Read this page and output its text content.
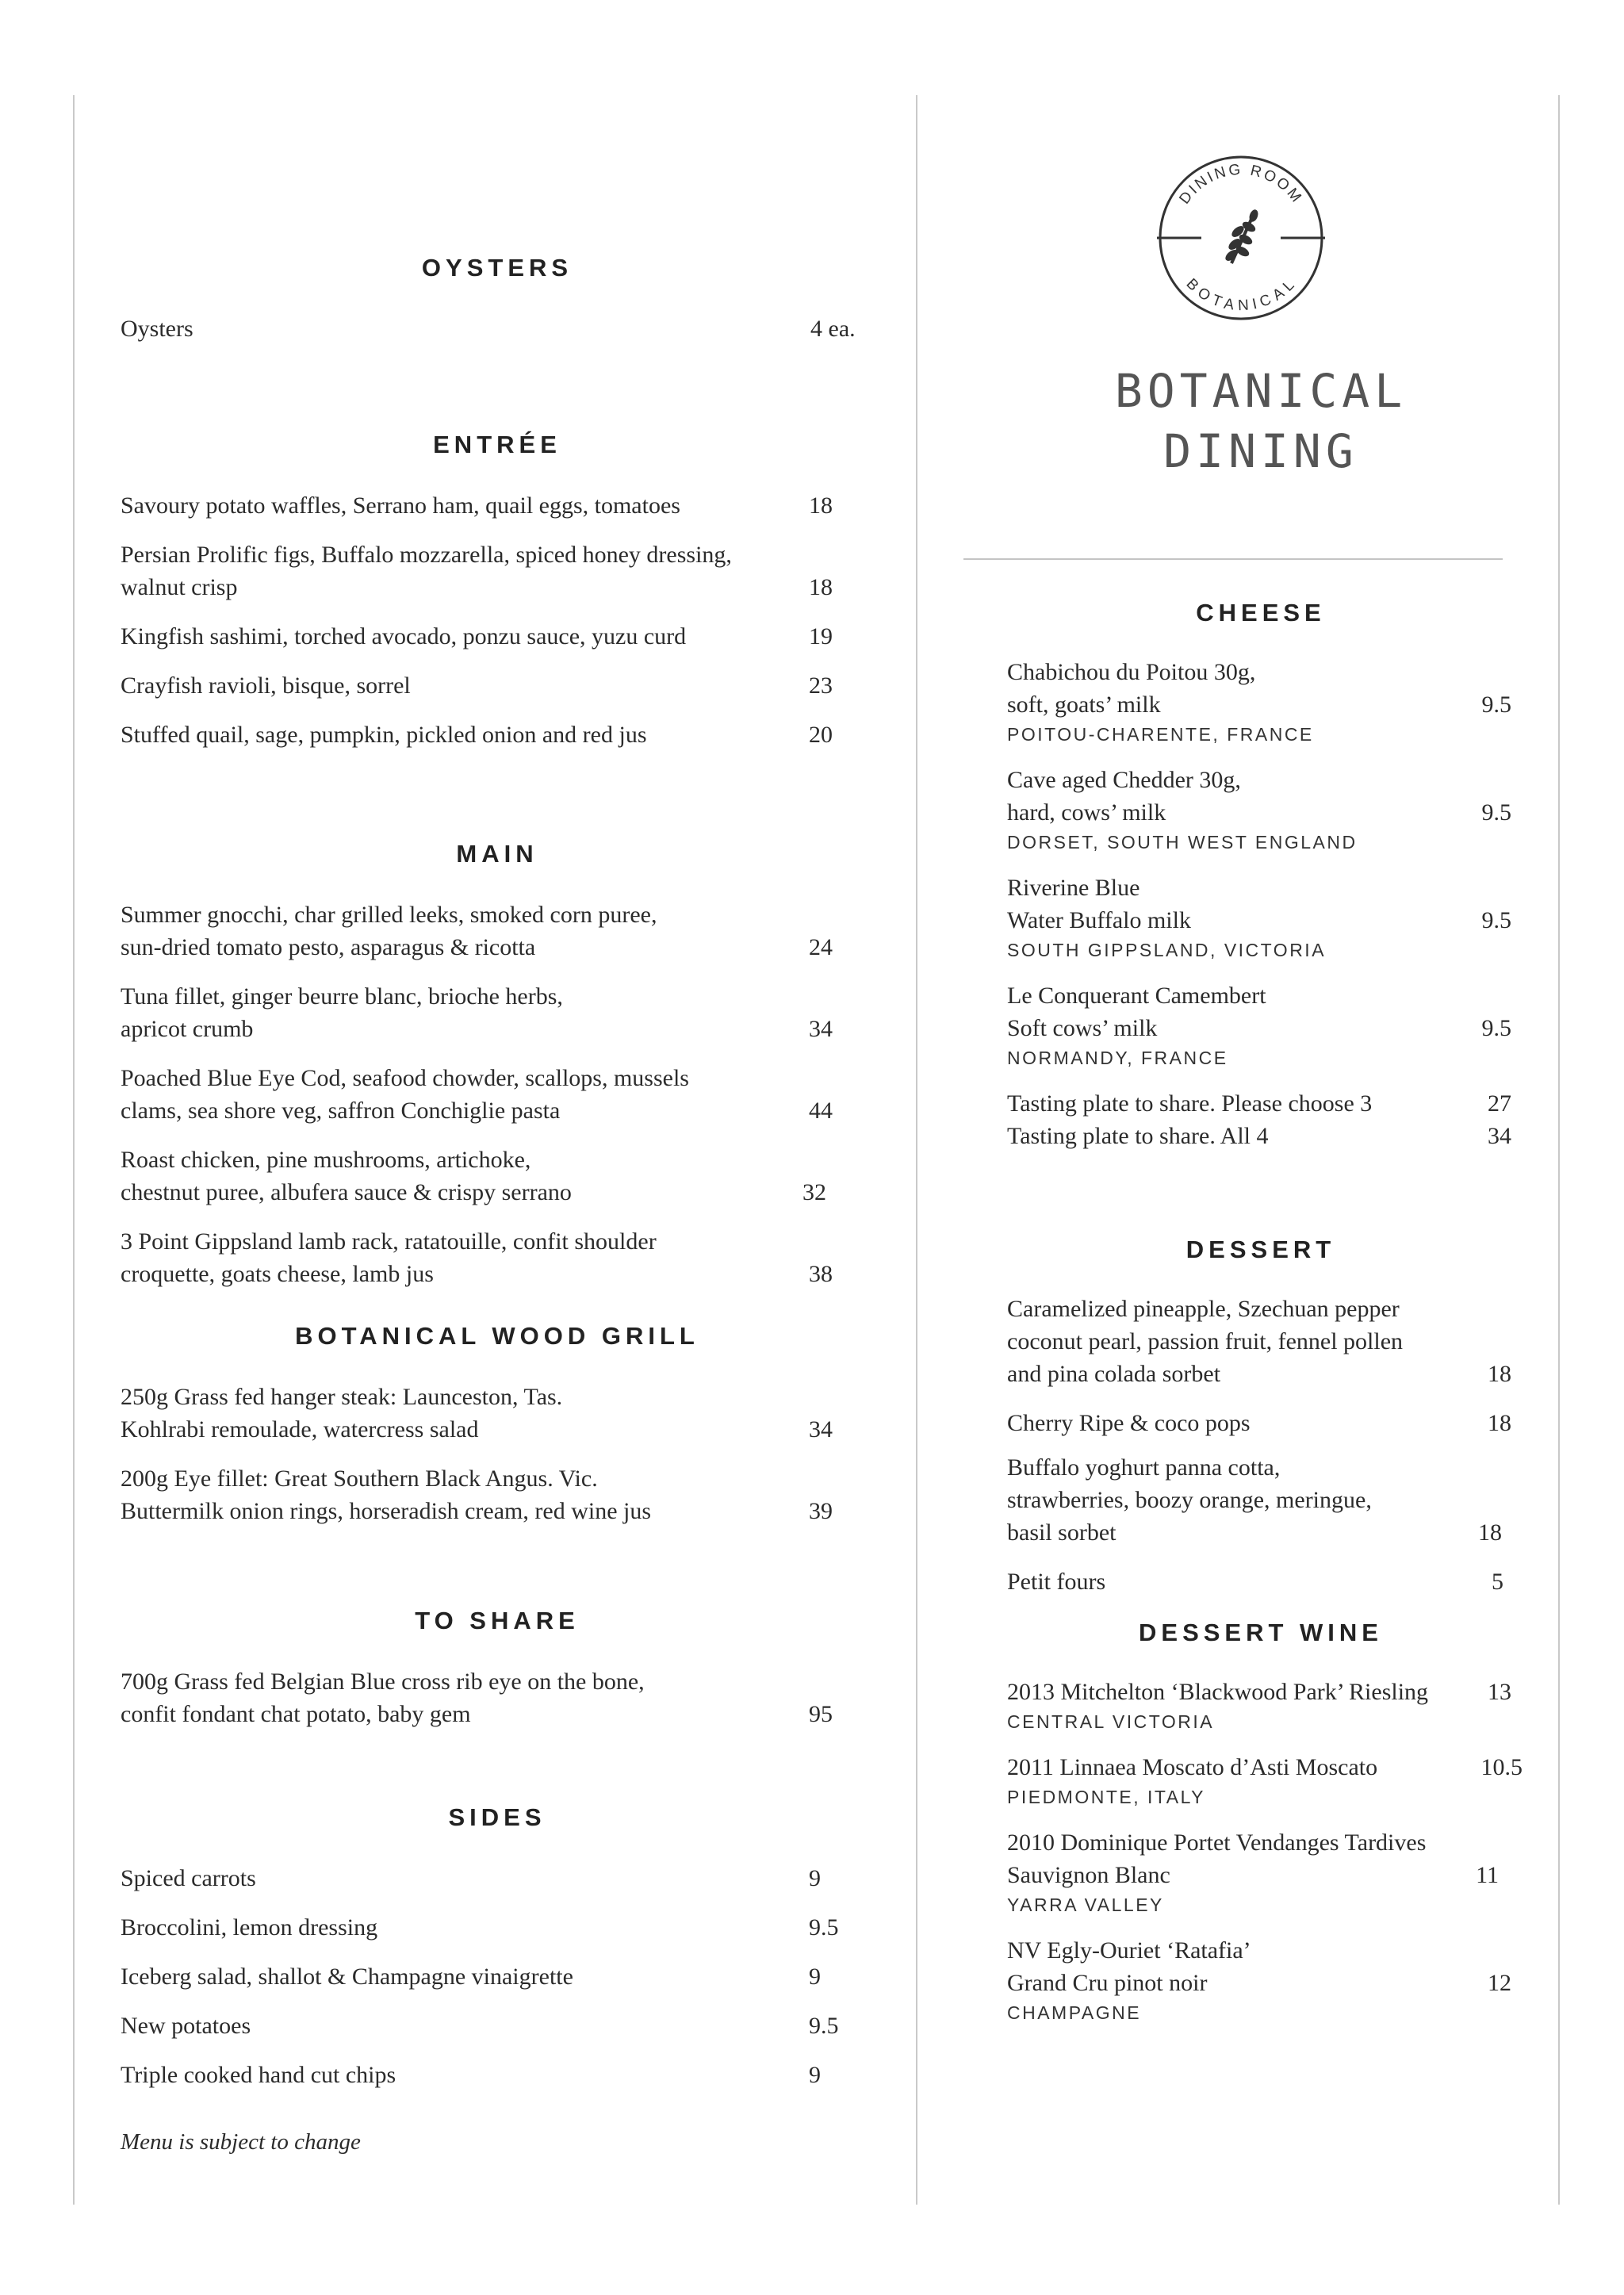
OYSTERS
Oysters	4 ea.
ENTRÉE
Savoury potato waffles, Serrano ham, quail eggs, tomatoes	18
Persian Prolific figs, Buffalo mozzarella, spiced honey dressing, walnut crisp	18
Kingfish sashimi, torched avocado, ponzu sauce, yuzu curd	19
Crayfish ravioli, bisque, sorrel	23
Stuffed quail, sage, pumpkin, pickled onion and red jus	20
MAIN
Summer gnocchi, char grilled leeks, smoked corn puree,
sun-dried tomato pesto, asparagus & ricotta	24
Tuna fillet, ginger beurre blanc, brioche herbs,
apricot crumb	34
Poached Blue Eye Cod, seafood chowder, scallops, mussels
clams, sea shore veg, saffron Conchiglie pasta	44
Roast chicken, pine mushrooms, artichoke,
chestnut puree, albufera sauce & crispy serrano	32
3 Point Gippsland lamb rack, ratatouille, confit shoulder
croquette, goats cheese, lamb jus	38
BOTANICAL WOOD GRILL
250g Grass fed hanger steak: Launceston, Tas.
Kohlrabi remoulade, watercress salad	34
200g Eye fillet: Great Southern Black Angus. Vic.
Buttermilk onion rings, horseradish cream, red wine jus	39
TO SHARE
700g Grass fed Belgian Blue cross rib eye on the bone,
confit fondant chat potato, baby gem	95
SIDES
Spiced carrots	9
Broccolini, lemon dressing	9.5
Iceberg salad, shallot & Champagne vinaigrette	9
New potatoes	9.5
Triple cooked hand cut chips	9
Menu is subject to change
DINING ROOM
BOTANICAL
BOTANICAL
DINING
CHEESE
Chabichou du Poitou 30g,
soft, goats’ milk	9.5
POITOU-CHARENTE, FRANCE
Cave aged Chedder 30g,
hard, cows’ milk	9.5
DORSET, SOUTH WEST ENGLAND
Riverine Blue
Water Buffalo milk	9.5
SOUTH GIPPSLAND, VICTORIA
Le Conquerant Camembert
Soft cows’ milk	9.5
NORMANDY, FRANCE
Tasting plate to share. Please choose 3	27
Tasting plate to share. All 4	34
DESSERT
Caramelized pineapple, Szechuan pepper
coconut pearl, passion fruit, fennel pollen
and pina colada sorbet	18
Cherry Ripe & coco pops	18
Buffalo yoghurt panna cotta,
strawberries, boozy orange, meringue,
basil sorbet	18
Petit fours	5
DESSERT WINE
2013 Mitchelton ‘Blackwood Park’ Riesling	13
CENTRAL VICTORIA
2011 Linnaea Moscato d’Asti Moscato	10.5
PIEDMONTE, ITALY
2010 Dominique Portet Vendanges Tardives
Sauvignon Blanc	11
YARRA VALLEY
NV Egly-Ouriet ‘Ratafia’
Grand Cru pinot noir	12
CHAMPAGNE
